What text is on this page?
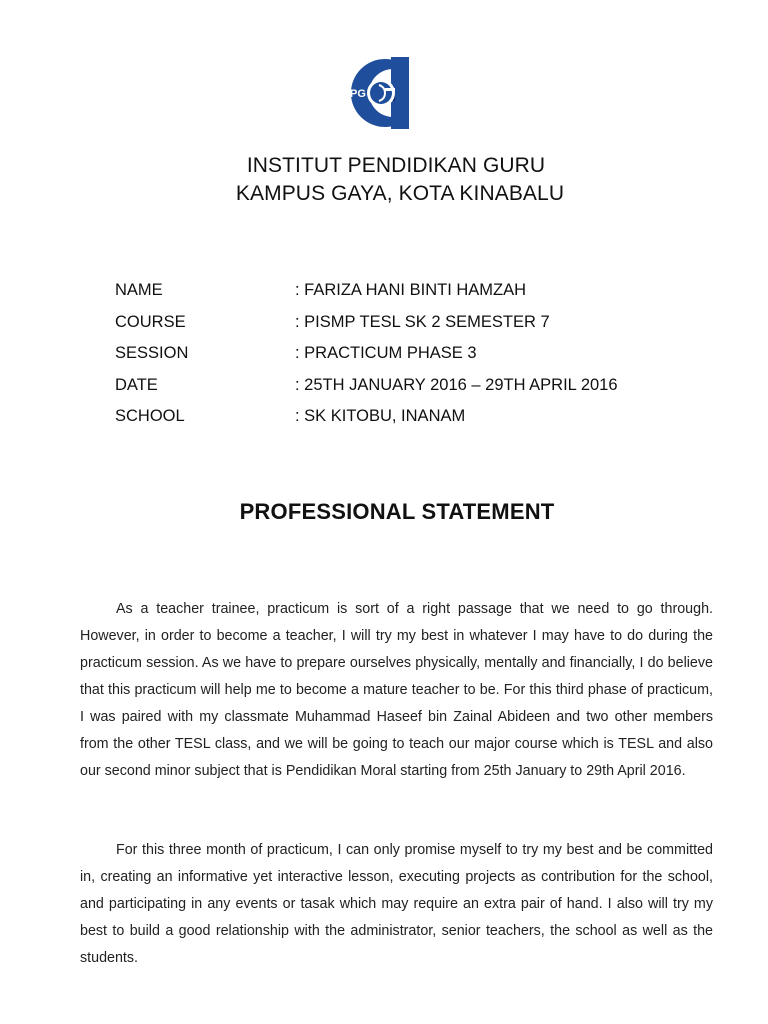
IPG
INSTITUT PENDIDIKAN GURU
KAMPUS GAYA, KOTA KINABALU
NAME	: FARIZA HANI BINTI HAMZAH
COURSE	: PISMP TESL SK 2 SEMESTER 7
SESSION	: PRACTICUM PHASE 3
DATE	: 25TH JANUARY 2016 – 29TH APRIL 2016
SCHOOL	: SK KITOBU, INANAM
PROFESSIONAL STATEMENT

As a teacher trainee, practicum is sort of a right passage that we need to go through. However, in order to become a teacher, I will try my best in whatever I may have to do during the practicum session. As we have to prepare ourselves physically, mentally and financially, I do believe that this practicum will help me to become a mature teacher to be. For this third phase of practicum, I was paired with my classmate Muhammad Haseef bin Zainal Abideen and two other members from the other TESL class, and we will be going to teach our major course which is TESL and also our second minor subject that is Pendidikan Moral starting from 25th January to 29th April 2016.

For this three month of practicum, I can only promise myself to try my best and be committed in, creating an informative yet interactive lesson, executing projects as contribution for the school, and participating in any events or tasak which may require an extra pair of hand. I also will try my best to build a good relationship with the administrator, senior teachers, the school as well as the students.
